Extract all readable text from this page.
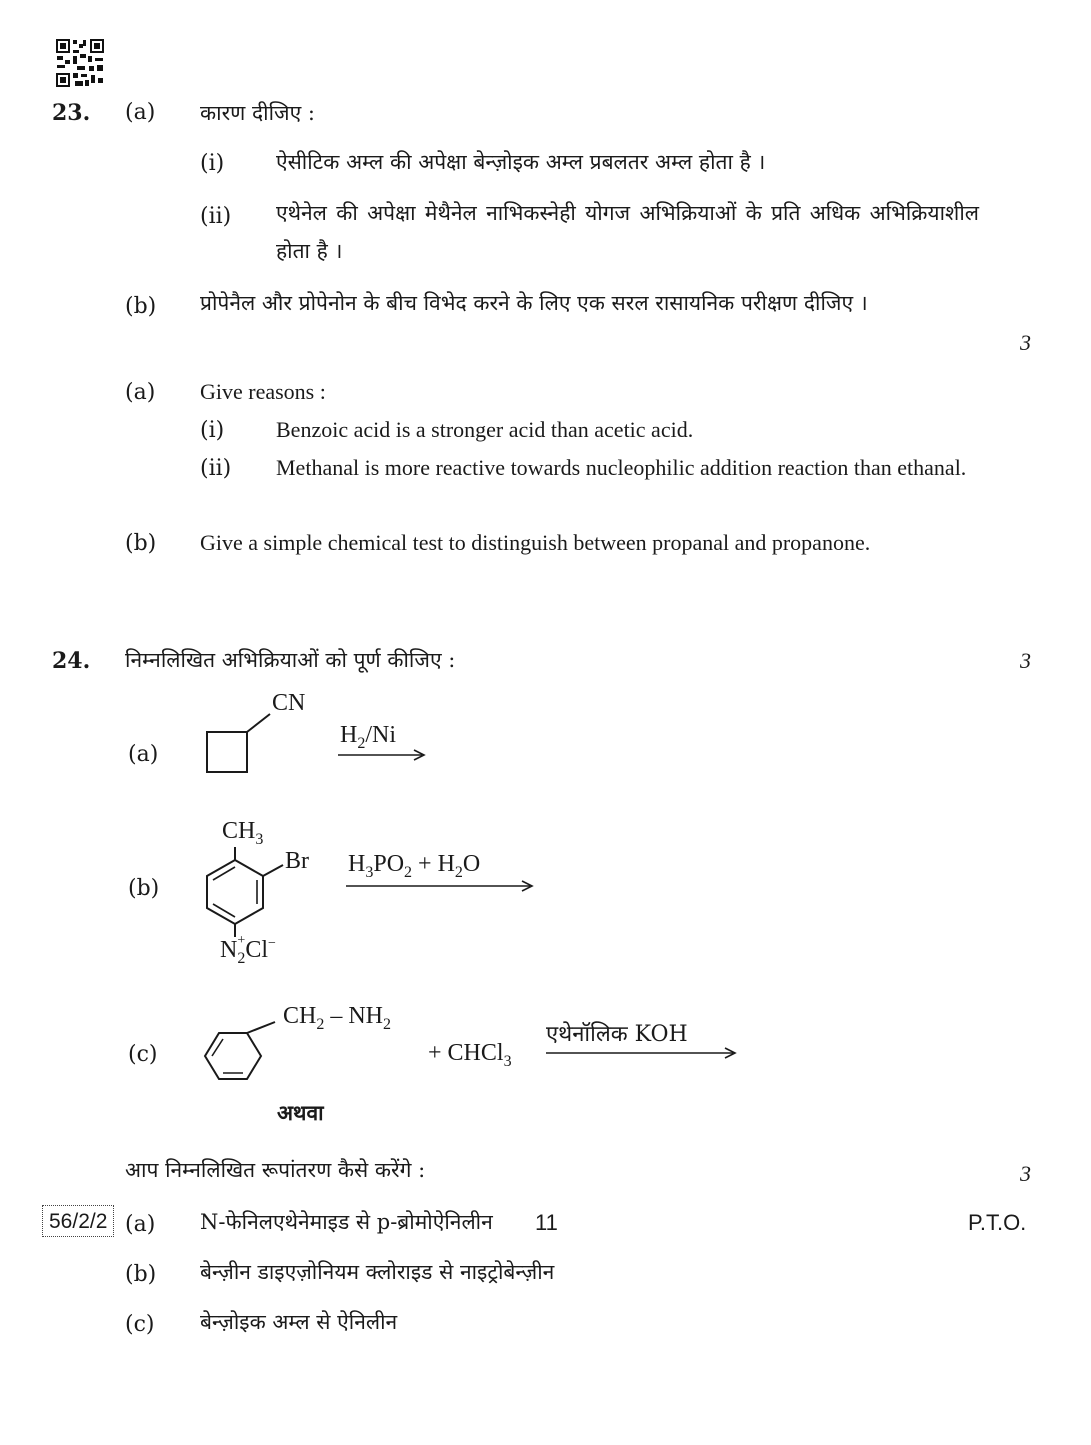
23. (a) कारण दीजिए :
(i) ऐसीटिक अम्ल की अपेक्षा बेन्ज़ोइक अम्ल प्रबलतर अम्ल होता है ।
(ii) एथेनेल की अपेक्षा मेथैनेल नाभिकस्नेही योगज अभिक्रियाओं के प्रति अधिक अभिक्रियाशील होता है ।
(b) प्रोपेनैल और प्रोपेनोन के बीच विभेद करने के लिए एक सरल रासायनिक परीक्षण दीजिए ।
3
(a) Give reasons :
(i) Benzoic acid is a stronger acid than acetic acid.
(ii) Methanal is more reactive towards nucleophilic addition reaction than ethanal.
(b) Give a simple chemical test to distinguish between propanal and propanone.
24. निम्नलिखित अभिक्रियाओं को पूर्ण कीजिए :	3
(a)
CN
$H_2/Ni$
(b)
$CH_3$
Br
N +
$_2$Cl−
$H_3PO_2 + H_2O$
(c)
$CH_2 - NH_2$
+ CHCl$_3$
एथेनॉलिक KOH
अथवा
आप निम्नलिखित रूपांतरण कैसे करेंगे :	3
(a) N-फेनिलएथेनेमाइड से p-ब्रोमोऐनिलीन
(b) बेन्ज़ीन डाइएज़ोनियम क्लोराइड से नाइट्रोबेन्ज़ीन
(c) बेन्ज़ोइक अम्ल से ऐनिलीन
56/2/2	11	P.T.O.
